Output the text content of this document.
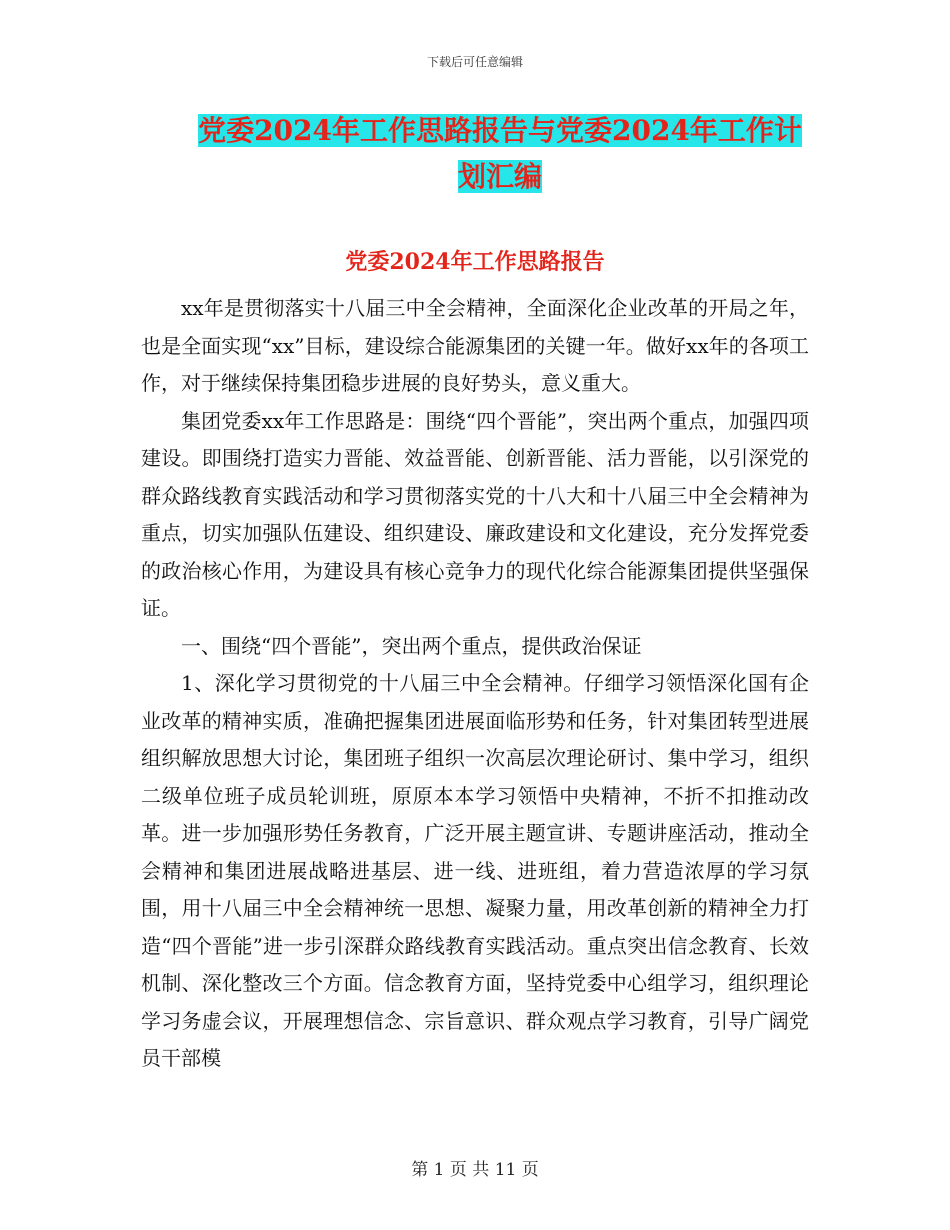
下载后可任意编辑
党委2024年工作思路报告与党委2024年工作计划汇编
党委2024年工作思路报告

xx年是贯彻落实十八届三中全会精神，全面深化企业改革的开局之年，也是全面实现“xx”目标，建设综合能源集团的关键一年。做好xx年的各项工作，对于继续保持集团稳步进展的良好势头，意义重大。

集团党委xx年工作思路是：围绕“四个晋能”，突出两个重点，加强四项建设。即围绕打造实力晋能、效益晋能、创新晋能、活力晋能，以引深党的群众路线教育实践活动和学习贯彻落实党的十八大和十八届三中全会精神为重点，切实加强队伍建设、组织建设、廉政建设和文化建设，充分发挥党委的政治核心作用，为建设具有核心竞争力的现代化综合能源集团提供坚强保证。

一、围绕“四个晋能”，突出两个重点，提供政治保证

1、深化学习贯彻党的十八届三中全会精神。仔细学习领悟深化国有企业改革的精神实质，准确把握集团进展面临形势和任务，针对集团转型进展组织解放思想大讨论，集团班子组织一次高层次理论研讨、集中学习，组织二级单位班子成员轮训班，原原本本学习领悟中央精神，不折不扣推动改革。进一步加强形势任务教育，广泛开展主题宣讲、专题讲座活动，推动全会精神和集团进展战略进基层、进一线、进班组，着力营造浓厚的学习氛围，用十八届三中全会精神统一思想、凝聚力量，用改革创新的精神全力打造“四个晋能”进一步引深群众路线教育实践活动。重点突出信念教育、长效机制、深化整改三个方面。信念教育方面，坚持党委中心组学习，组织理论学习务虚会议，开展理想信念、宗旨意识、群众观点学习教育，引导广阔党员干部模

第 1 页 共 11 页
